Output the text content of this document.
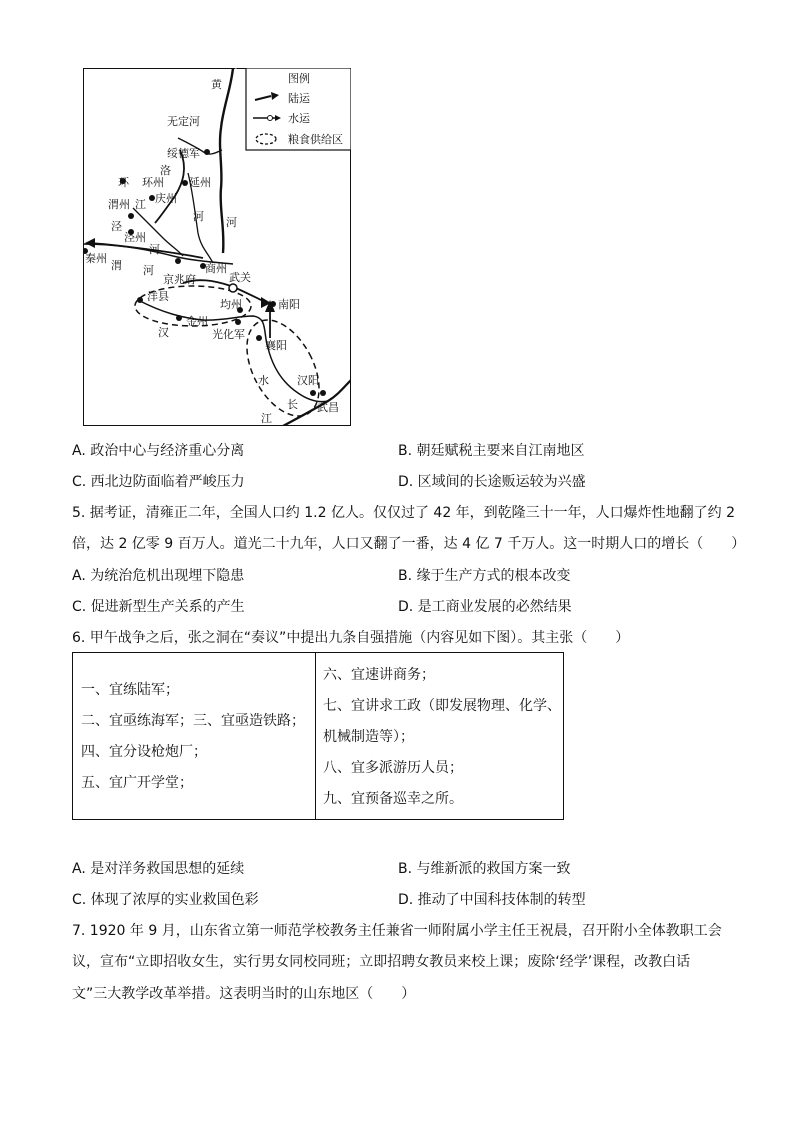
图例
陆运
水运
粮食供给区
黄
无定河
绥德军
洛
环 环州 延州
庆州
渭州 江
河 河
泾
泾州
河
秦州
渭 河	商州
武关
京兆府
洋县
均州	南阳
金州
汉	光化军
襄阳
水	汉阳
长 武昌
江
A. 政治中心与经济重心分离	B. 朝廷赋税主要来自江南地区
C. 西北边防面临着严峻压力	D. 区域间的长途贩运较为兴盛
5. 据考证，清雍正二年，全国人口约 1.2 亿人。仅仅过了 42 年，到乾隆三十一年，人口爆炸性地翻了约 2
倍，达 2 亿零 9 百万人。道光二十九年，人口又翻了一番，达 4 亿 7 千万人。这一时期人口的增长（　　）
A. 为统治危机出现埋下隐患	B. 缘于生产方式的根本改变
C. 促进新型生产关系的产生	D. 是工商业发展的必然结果
6. 甲午战争之后，张之洞在“奏议”中提出九条自强措施（内容见如下图）。其主张（　　）
一、宜练陆军；
二、宜亟练海军；三、宜亟造铁路；
四、宜分设枪炮厂；
五、宜广开学堂；
六、宜速讲商务；
七、宜讲求工政（即发展物理、化学、
机械制造等）；
八、宜多派游历人员；
九、宜预备巡幸之所。
A. 是对洋务救国思想的延续	B. 与维新派的救国方案一致
C. 体现了浓厚的实业救国色彩	D. 推动了中国科技体制的转型
7. 1920 年 9 月，山东省立第一师范学校教务主任兼省一师附属小学主任王祝晨，召开附小全体教职工会
议，宣布“立即招收女生，实行男女同校同班；立即招聘女教员来校上课；废除‘经学’课程，改教白话
文”三大教学改革举措。这表明当时的山东地区（　　）
